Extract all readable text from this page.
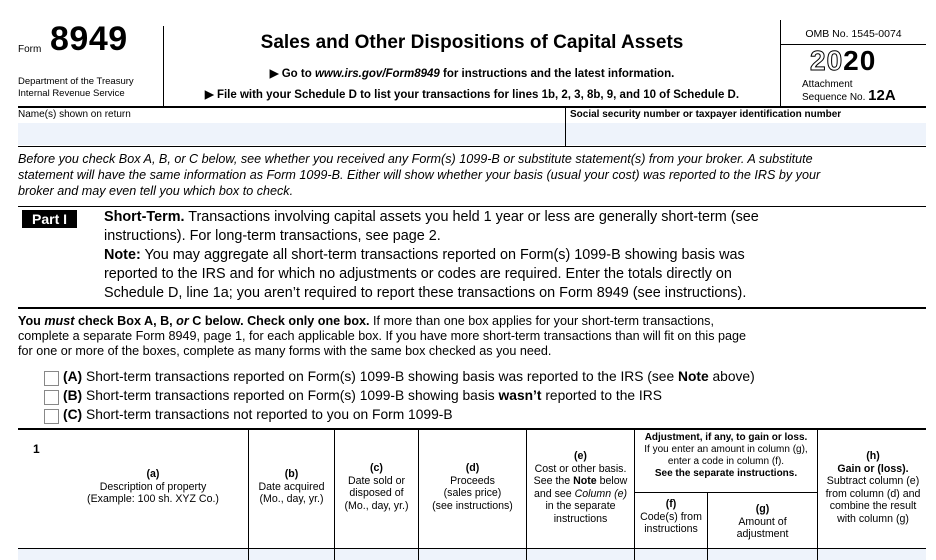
Form 8949
Department of the Treasury
Internal Revenue Service
Sales and Other Dispositions of Capital Assets
▶ Go to www.irs.gov/Form8949 for instructions and the latest information.
▶ File with your Schedule D to list your transactions for lines 1b, 2, 3, 8b, 9, and 10 of Schedule D.
OMB No. 1545-0074
2020
Attachment
Sequence No. 12A
Name(s) shown on return	Social security number or taxpayer identification number
Before you check Box A, B, or C below, see whether you received any Form(s) 1099-B or substitute statement(s) from your broker. A substitute
statement will have the same information as Form 1099-B. Either will show whether your basis (usual your cost) was reported to the IRS by your
broker and may even tell you which box to check.
Part I	Short-Term. Transactions involving capital assets you held 1 year or less are generally short-term (see
instructions). For long-term transactions, see page 2.
Note: You may aggregate all short-term transactions reported on Form(s) 1099-B showing basis was
reported to the IRS and for which no adjustments or codes are required. Enter the totals directly on
Schedule D, line 1a; you aren’t required to report these transactions on Form 8949 (see instructions).
You must check Box A, B, or C below. Check only one box. If more than one box applies for your short-term transactions,
complete a separate Form 8949, page 1, for each applicable box. If you have more short-term transactions than will fit on this page
for one or more of the boxes, complete as many forms with the same box checked as you need.
(A) Short-term transactions reported on Form(s) 1099-B showing basis was reported to the IRS (see Note above)
(B) Short-term transactions reported on Form(s) 1099-B showing basis wasn’t reported to the IRS
(C) Short-term transactions not reported to you on Form 1099-B
1
(a)
Description of property
(Example: 100 sh. XYZ Co.)
(b)
Date acquired
(Mo., day, yr.)
(c)
Date sold or
disposed of
(Mo., day, yr.)
(d)
Proceeds
(sales price)
(see instructions)
(e)
Cost or other basis.
See the Note below
and see Column (e)
in the separate
instructions
Adjustment, if any, to gain or loss.
If you enter an amount in column (g),
enter a code in column (f).
See the separate instructions.
(f)
Code(s) from
instructions
(g)
Amount of
adjustment
(h)
Gain or (loss).
Subtract column (e)
from column (d) and
combine the result
with column (g)
